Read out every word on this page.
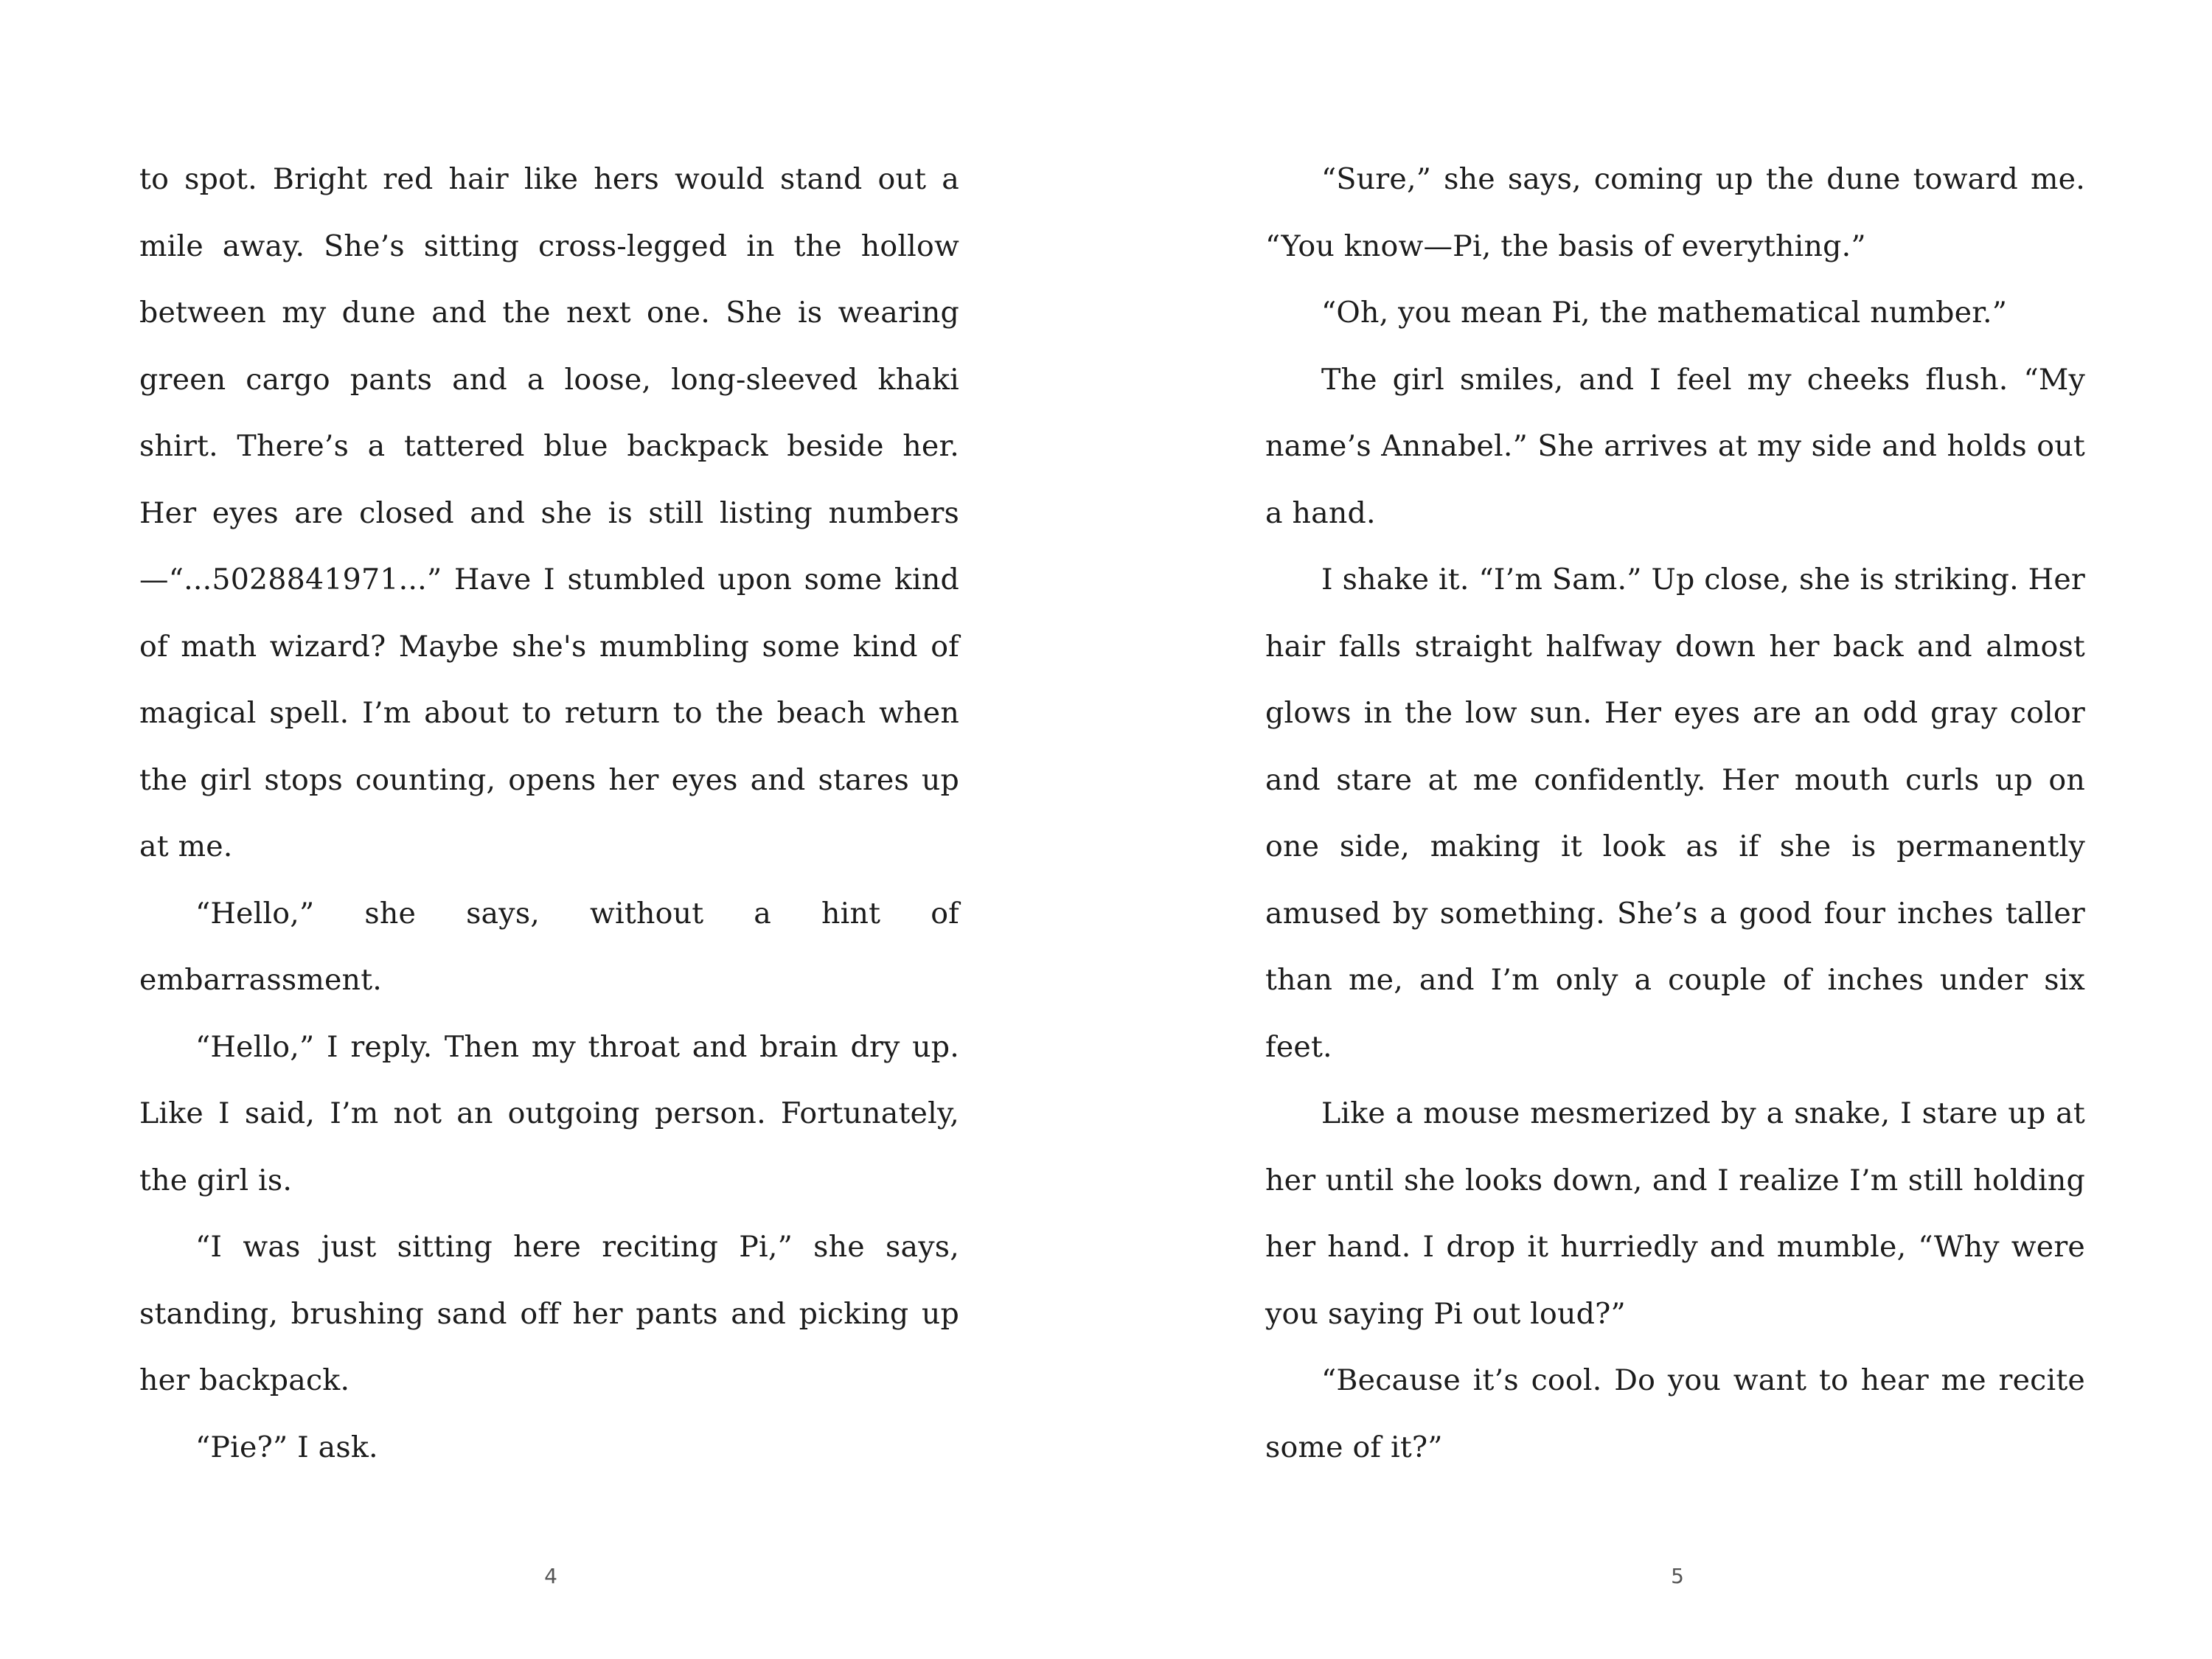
to spot. Bright red hair like hers would stand out a mile away. She’s sitting cross-legged in the hollow between my dune and the next one. She is wearing green cargo pants and a loose, long-sleeved khaki shirt. There’s a tattered blue backpack beside her. Her eyes are closed and she is still listing numbers—“...5028841971...” Have I stumbled upon some kind of math wizard? Maybe she's mumbling some kind of magical spell. I’m about to return to the beach when the girl stops counting, opens her eyes and stares up at me.

“Hello,” she says, without a hint of embarrassment.

“Hello,” I reply. Then my throat and brain dry up. Like I said, I’m not an outgoing person. Fortunately, the girl is.

“I was just sitting here reciting Pi,” she says, standing, brushing sand off her pants and picking up her backpack.

“Pie?” I ask.

4

“Sure,” she says, coming up the dune toward me. “You know—Pi, the basis of everything.”

“Oh, you mean Pi, the mathematical number.”

The girl smiles, and I feel my cheeks flush. “My name’s Annabel.” She arrives at my side and holds out a hand.

I shake it. “I’m Sam.” Up close, she is striking. Her hair falls straight halfway down her back and almost glows in the low sun. Her eyes are an odd gray color and stare at me confidently. Her mouth curls up on one side, making it look as if she is permanently amused by something. She’s a good four inches taller than me, and I’m only a couple of inches under six feet.

Like a mouse mesmerized by a snake, I stare up at her until she looks down, and I realize I’m still holding her hand. I drop it hurriedly and mumble, “Why were you saying Pi out loud?”

“Because it’s cool. Do you want to hear me recite some of it?”

5
